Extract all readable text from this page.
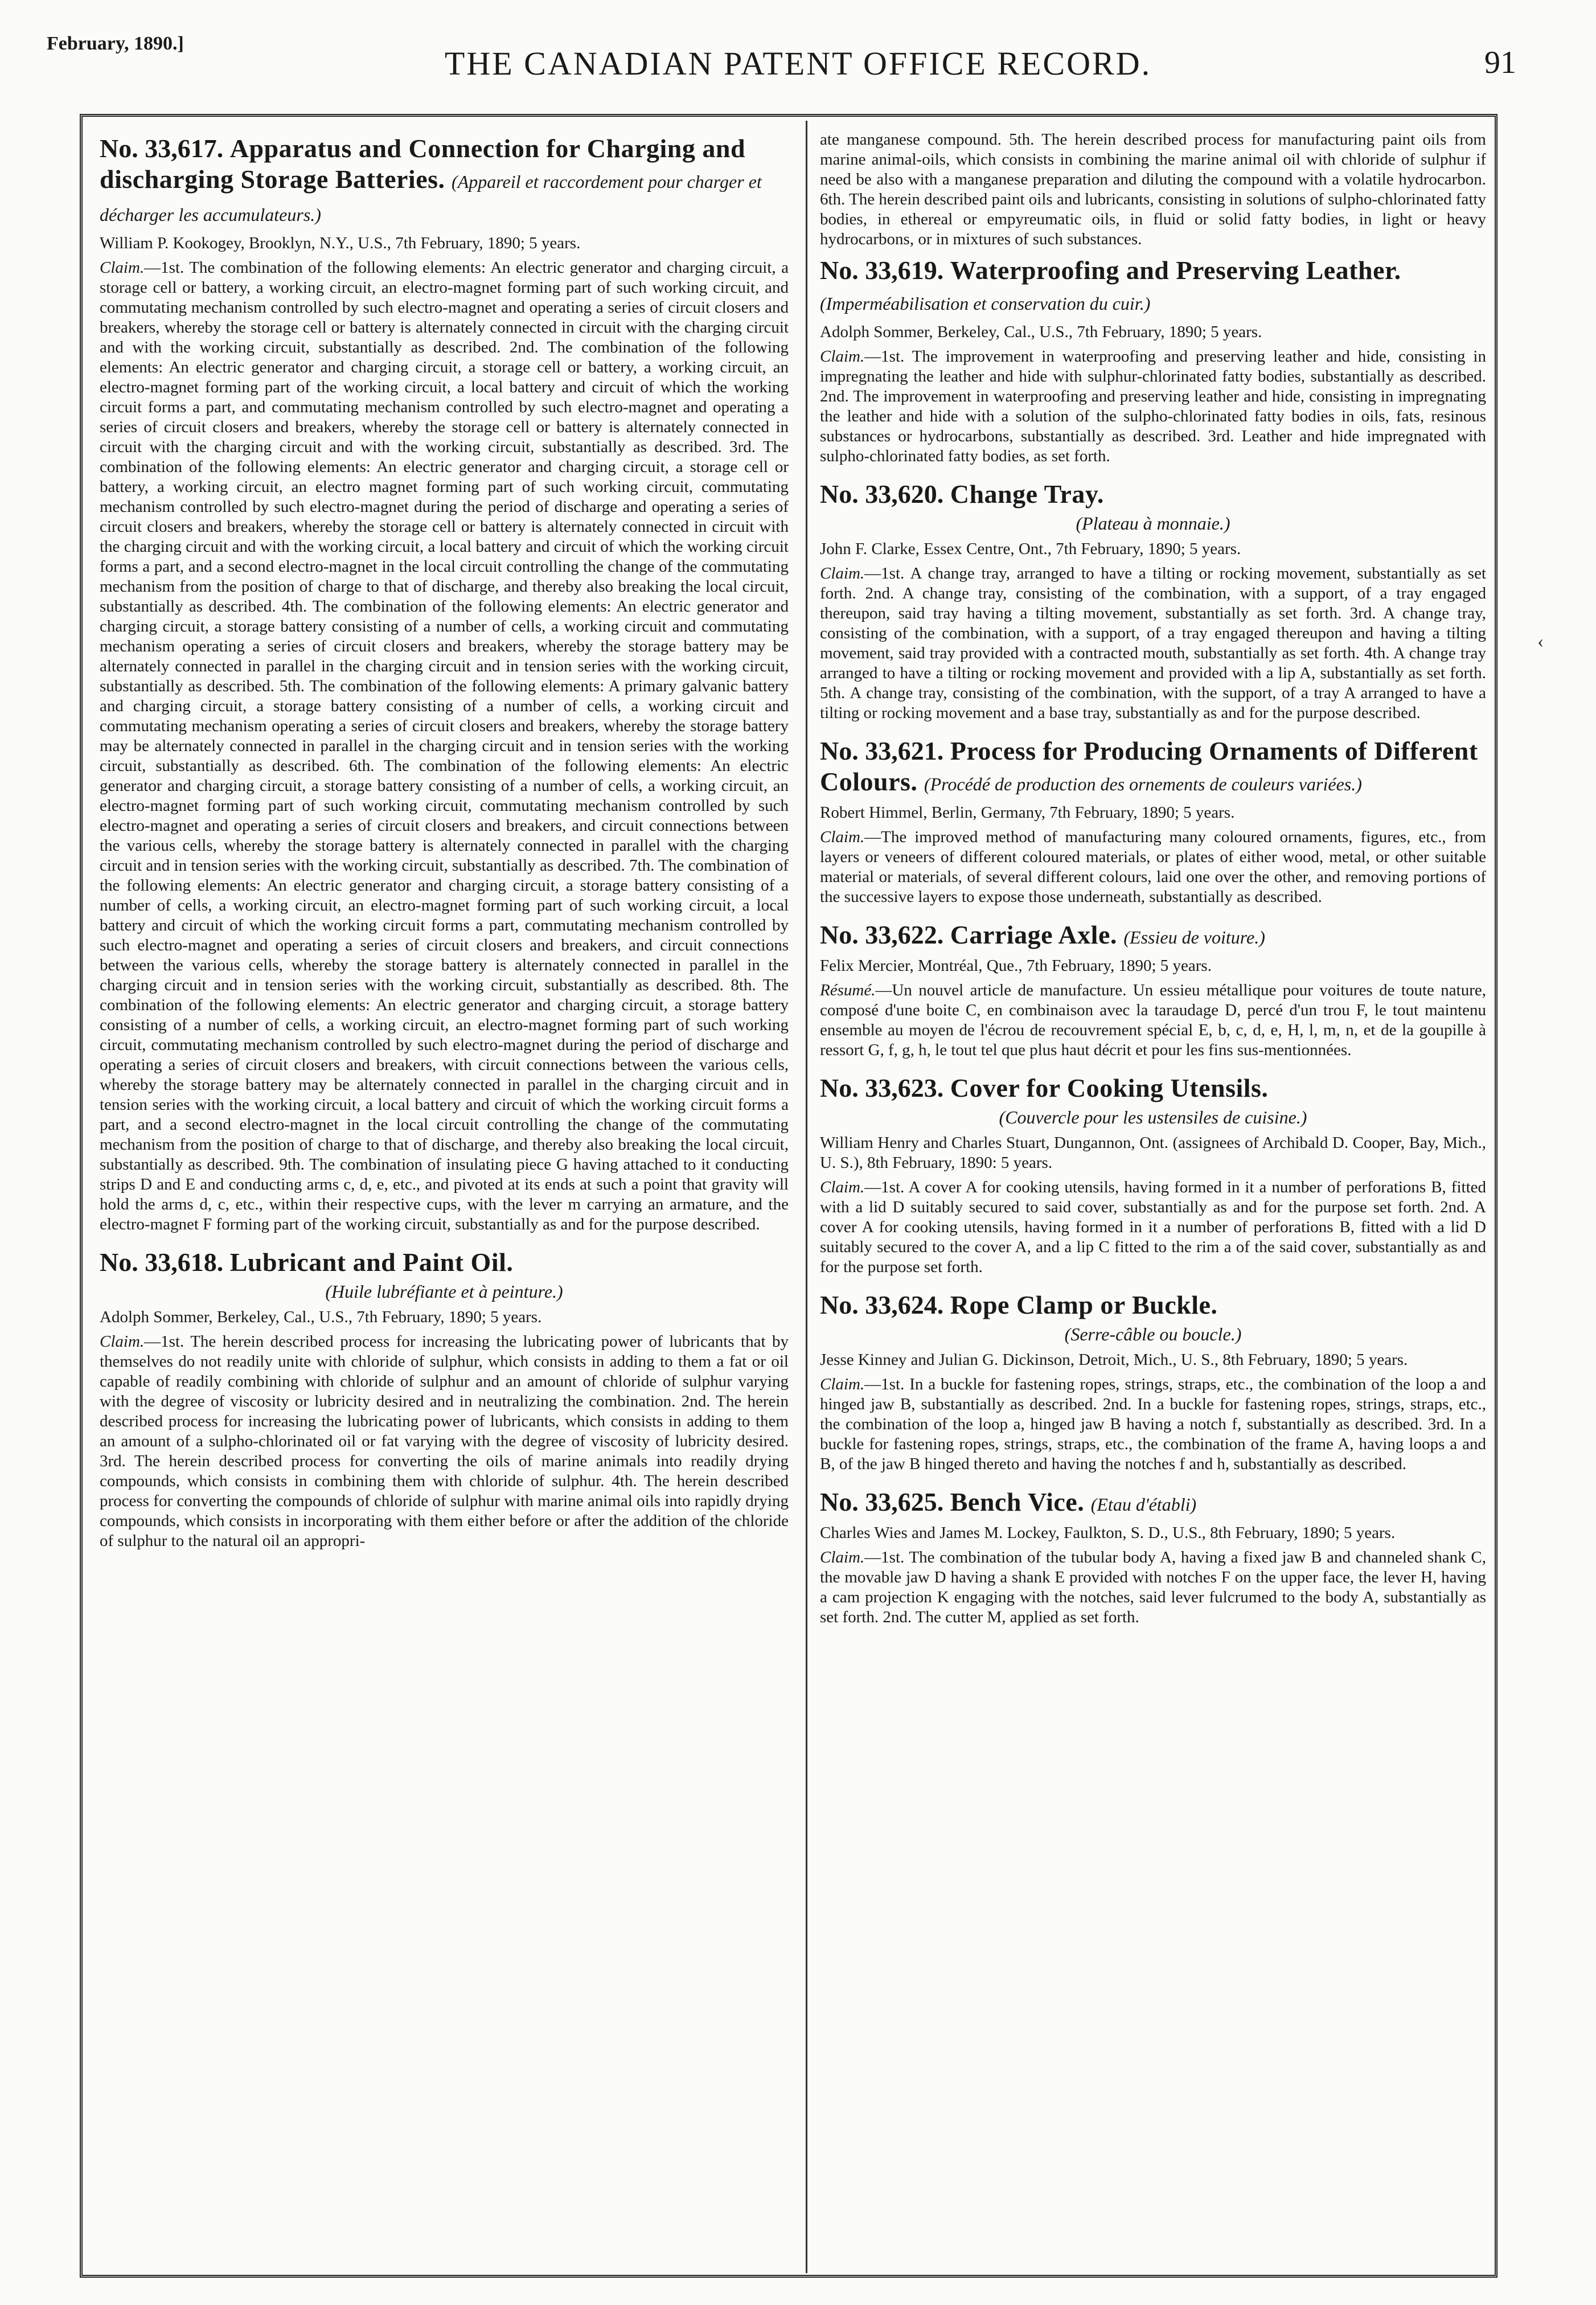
February, 1890.]
THE CANADIAN PATENT OFFICE RECORD.	91
‹
No. 33,617. Apparatus and Connection for Charging and discharging Storage Batteries. (Appareil et raccordement pour charger et décharger les accumulateurs.)

William P. Kookogey, Brooklyn, N.Y., U.S., 7th February, 1890; 5 years.

Claim.—1st. The combination of the following elements: An electric generator and charging circuit, a storage cell or battery, a working circuit, an electro-magnet forming part of such working circuit, and commutating mechanism controlled by such electro-magnet and operating a series of circuit closers and breakers, whereby the storage cell or battery is alternately connected in circuit with the charging circuit and with the working circuit, substantially as described. 2nd. The combination of the following elements: An electric generator and charging circuit, a storage cell or battery, a working circuit, an electro-magnet forming part of the working circuit, a local battery and circuit of which the working circuit forms a part, and commutating mechanism controlled by such electro-magnet and operating a series of circuit closers and breakers, whereby the storage cell or battery is alternately connected in circuit with the charging circuit and with the working circuit, substantially as described. 3rd. The combination of the following elements: An electric generator and charging circuit, a storage cell or battery, a working circuit, an electro magnet forming part of such working circuit, commutating mechanism controlled by such electro-magnet during the period of discharge and operating a series of circuit closers and breakers, whereby the storage cell or battery is alternately connected in circuit with the charging circuit and with the working circuit, a local battery and circuit of which the working circuit forms a part, and a second electro-magnet in the local circuit controlling the change of the commutating mechanism from the position of charge to that of discharge, and thereby also breaking the local circuit, substantially as described. 4th. The combination of the following elements: An electric generator and charging circuit, a storage battery consisting of a number of cells, a working circuit and commutating mechanism operating a series of circuit closers and breakers, whereby the storage battery may be alternately connected in parallel in the charging circuit and in tension series with the working circuit, substantially as described. 5th. The combination of the following elements: A primary galvanic battery and charging circuit, a storage battery consisting of a number of cells, a working circuit and commutating mechanism operating a series of circuit closers and breakers, whereby the storage battery may be alternately connected in parallel in the charging circuit and in tension series with the working circuit, substantially as described. 6th. The combination of the following elements: An electric generator and charging circuit, a storage battery consisting of a number of cells, a working circuit, an electro-magnet forming part of such working circuit, commutating mechanism controlled by such electro-magnet and operating a series of circuit closers and breakers, and circuit connections between the various cells, whereby the storage battery is alternately connected in parallel with the charging circuit and in tension series with the working circuit, substantially as described. 7th. The combination of the following elements: An electric generator and charging circuit, a storage battery consisting of a number of cells, a working circuit, an electro-magnet forming part of such working circuit, a local battery and circuit of which the working circuit forms a part, commutating mechanism controlled by such electro-magnet and operating a series of circuit closers and breakers, and circuit connections between the various cells, whereby the storage battery is alternately connected in parallel in the charging circuit and in tension series with the working circuit, substantially as described. 8th. The combination of the following elements: An electric generator and charging circuit, a storage battery consisting of a number of cells, a working circuit, an electro-magnet forming part of such working circuit, commutating mechanism controlled by such electro-magnet during the period of discharge and operating a series of circuit closers and breakers, with circuit connections between the various cells, whereby the storage battery may be alternately connected in parallel in the charging circuit and in tension series with the working circuit, a local battery and circuit of which the working circuit forms a part, and a second electro-magnet in the local circuit controlling the change of the commutating mechanism from the position of charge to that of discharge, and thereby also breaking the local circuit, substantially as described. 9th. The combination of insulating piece G having attached to it conducting strips D and E and conducting arms c, d, e, etc., and pivoted at its ends at such a point that gravity will hold the arms d, c, etc., within their respective cups, with the lever m carrying an armature, and the electro-magnet F forming part of the working circuit, substantially as and for the purpose described.

No. 33,618. Lubricant and Paint Oil.
(Huile lubréfiante et à peinture.)

Adolph Sommer, Berkeley, Cal., U.S., 7th February, 1890; 5 years.

Claim.—1st. The herein described process for increasing the lubricating power of lubricants that by themselves do not readily unite with chloride of sulphur, which consists in adding to them a fat or oil capable of readily combining with chloride of sulphur and an amount of chloride of sulphur varying with the degree of viscosity or lubricity desired and in neutralizing the combination. 2nd. The herein described process for increasing the lubricating power of lubricants, which consists in adding to them an amount of a sulpho-chlorinated oil or fat varying with the degree of viscosity of lubricity desired. 3rd. The herein described process for converting the oils of marine animals into readily drying compounds, which consists in combining them with chloride of sulphur. 4th. The herein described process for converting the compounds of chloride of sulphur with marine animal oils into rapidly drying compounds, which consists in incorporating with them either before or after the addition of the chloride of sulphur to the natural oil an appropri-

ate manganese compound. 5th. The herein described process for manufacturing paint oils from marine animal-oils, which consists in combining the marine animal oil with chloride of sulphur if need be also with a manganese preparation and diluting the compound with a volatile hydrocarbon. 6th. The herein described paint oils and lubricants, consisting in solutions of sulpho-chlorinated fatty bodies, in ethereal or empyreumatic oils, in fluid or solid fatty bodies, in light or heavy hydrocarbons, or in mixtures of such substances.

No. 33,619. Waterproofing and Preserving Leather. (Imperméabilisation et conservation du cuir.)

Adolph Sommer, Berkeley, Cal., U.S., 7th February, 1890; 5 years.

Claim.—1st. The improvement in waterproofing and preserving leather and hide, consisting in impregnating the leather and hide with sulphur-chlorinated fatty bodies, substantially as described. 2nd. The improvement in waterproofing and preserving leather and hide, consisting in impregnating the leather and hide with a solution of the sulpho-chlorinated fatty bodies in oils, fats, resinous substances or hydrocarbons, substantially as described. 3rd. Leather and hide impregnated with sulpho-chlorinated fatty bodies, as set forth.

No. 33,620. Change Tray.
(Plateau à monnaie.)

John F. Clarke, Essex Centre, Ont., 7th February, 1890; 5 years.

Claim.—1st. A change tray, arranged to have a tilting or rocking movement, substantially as set forth. 2nd. A change tray, consisting of the combination, with a support, of a tray engaged thereupon, said tray having a tilting movement, substantially as set forth. 3rd. A change tray, consisting of the combination, with a support, of a tray engaged thereupon and having a tilting movement, said tray provided with a contracted mouth, substantially as set forth. 4th. A change tray arranged to have a tilting or rocking movement and provided with a lip A, substantially as set forth. 5th. A change tray, consisting of the combination, with the support, of a tray A arranged to have a tilting or rocking movement and a base tray, substantially as and for the purpose described.

No. 33,621. Process for Producing Ornaments of Different Colours. (Procédé de production des ornements de couleurs variées.)

Robert Himmel, Berlin, Germany, 7th February, 1890; 5 years.

Claim.—The improved method of manufacturing many coloured ornaments, figures, etc., from layers or veneers of different coloured materials, or plates of either wood, metal, or other suitable material or materials, of several different colours, laid one over the other, and removing portions of the successive layers to expose those underneath, substantially as described.

No. 33,622. Carriage Axle. (Essieu de voiture.)

Felix Mercier, Montréal, Que., 7th February, 1890; 5 years.

Résumé.—Un nouvel article de manufacture. Un essieu métallique pour voitures de toute nature, composé d'une boite C, en combinaison avec la taraudage D, percé d'un trou F, le tout maintenu ensemble au moyen de l'écrou de recouvrement spécial E, b, c, d, e, H, l, m, n, et de la goupille à ressort G, f, g, h, le tout tel que plus haut décrit et pour les fins sus-mentionnées.

No. 33,623. Cover for Cooking Utensils.
(Couvercle pour les ustensiles de cuisine.)

William Henry and Charles Stuart, Dungannon, Ont. (assignees of Archibald D. Cooper, Bay, Mich., U. S.), 8th February, 1890: 5 years.

Claim.—1st. A cover A for cooking utensils, having formed in it a number of perforations B, fitted with a lid D suitably secured to said cover, substantially as and for the purpose set forth. 2nd. A cover A for cooking utensils, having formed in it a number of perforations B, fitted with a lid D suitably secured to the cover A, and a lip C fitted to the rim a of the said cover, substantially as and for the purpose set forth.

No. 33,624. Rope Clamp or Buckle.
(Serre-câble ou boucle.)

Jesse Kinney and Julian G. Dickinson, Detroit, Mich., U. S., 8th February, 1890; 5 years.

Claim.—1st. In a buckle for fastening ropes, strings, straps, etc., the combination of the loop a and hinged jaw B, substantially as described. 2nd. In a buckle for fastening ropes, strings, straps, etc., the combination of the loop a, hinged jaw B having a notch f, substantially as described. 3rd. In a buckle for fastening ropes, strings, straps, etc., the combination of the frame A, having loops a and B, of the jaw B hinged thereto and having the notches f and h, substantially as described.

No. 33,625. Bench Vice. (Etau d'établi)

Charles Wies and James M. Lockey, Faulkton, S. D., U.S., 8th February, 1890; 5 years.

Claim.—1st. The combination of the tubular body A, having a fixed jaw B and channeled shank C, the movable jaw D having a shank E provided with notches F on the upper face, the lever H, having a cam projection K engaging with the notches, said lever fulcrumed to the body A, substantially as set forth. 2nd. The cutter M, applied as set forth.
